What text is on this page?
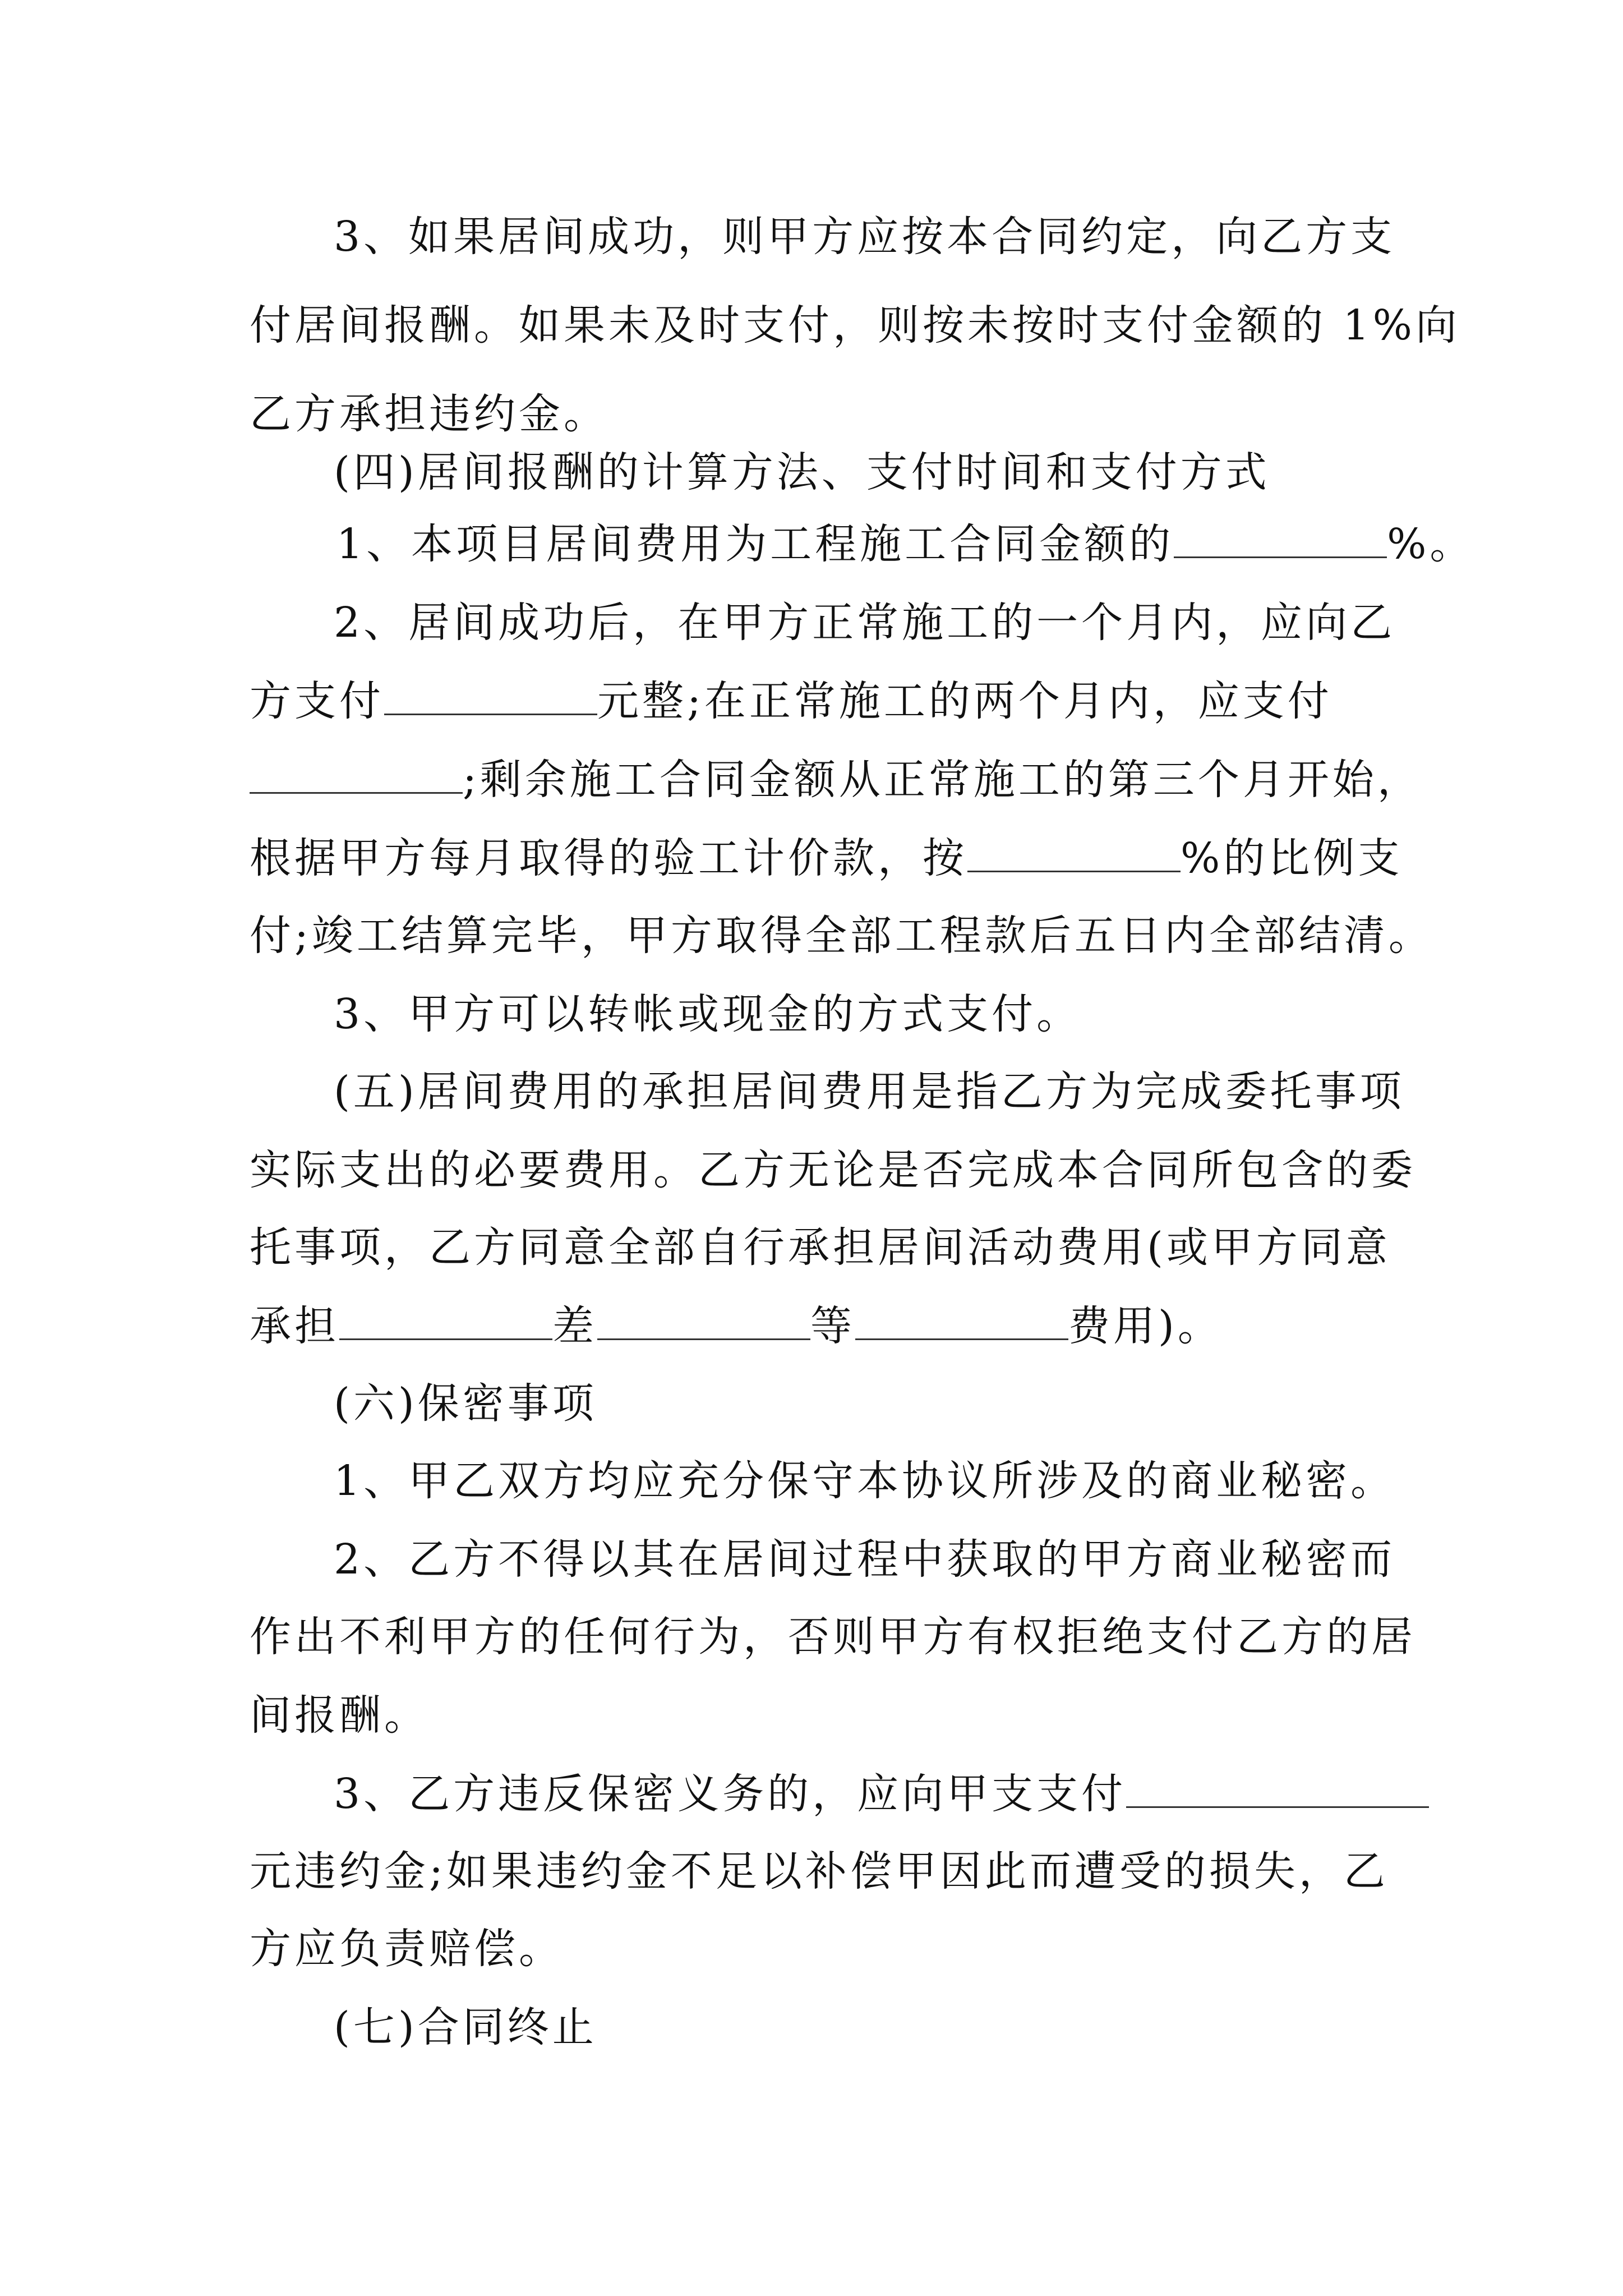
3、如果居间成功，则甲方应按本合同约定，向乙方支
付居间报酬。如果未及时支付，则按未按时支付金额的 1%向
乙方承担违约金。
(四)居间报酬的计算方法、支付时间和支付方式
1、本项目居间费用为工程施工合同金额的	%。
2、居间成功后，在甲方正常施工的一个月内，应向乙
方支付	元整;在正常施工的两个月内，应支付
;剩余施工合同金额从正常施工的第三个月开始，
根据甲方每月取得的验工计价款，按	%的比例支
付;竣工结算完毕，甲方取得全部工程款后五日内全部结清。
3、甲方可以转帐或现金的方式支付。
(五)居间费用的承担居间费用是指乙方为完成委托事项
实际支出的必要费用。乙方无论是否完成本合同所包含的委
托事项，乙方同意全部自行承担居间活动费用(或甲方同意
承担	差	等	费用)。
(六)保密事项
1、甲乙双方均应充分保守本协议所涉及的商业秘密。
2、乙方不得以其在居间过程中获取的甲方商业秘密而
作出不利甲方的任何行为，否则甲方有权拒绝支付乙方的居
间报酬。
3、乙方违反保密义务的，应向甲支支付
元违约金;如果违约金不足以补偿甲因此而遭受的损失，乙
方应负责赔偿。
(七)合同终止
